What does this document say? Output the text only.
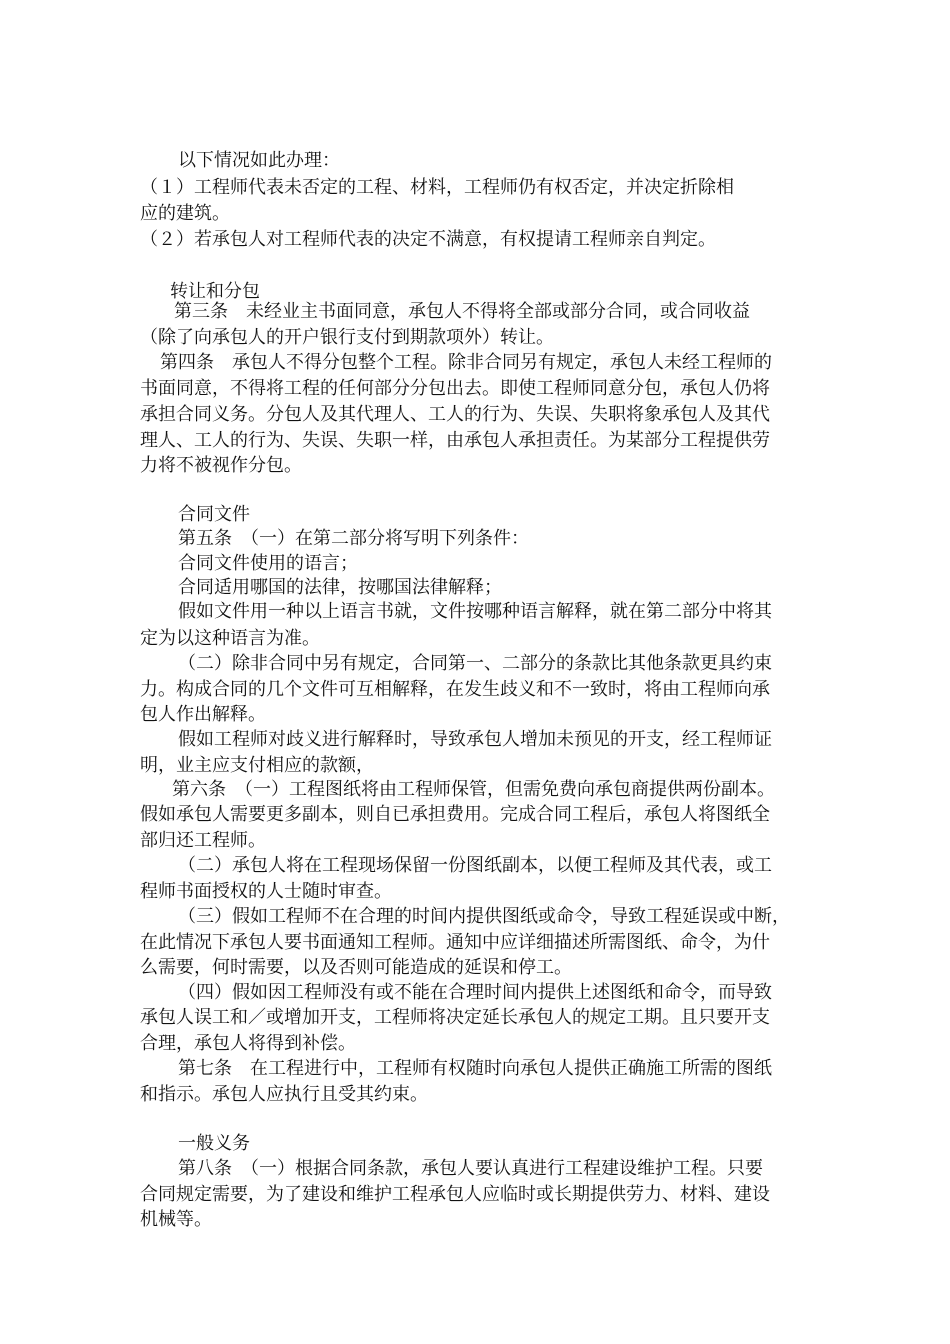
以下情况如此办理：
（１）工程师代表未否定的工程、材料，工程师仍有权否定，并决定折除相
应的建筑。
（２）若承包人对工程师代表的决定不满意，有权提请工程师亲自判定。
转让和分包
第三条　未经业主书面同意，承包人不得将全部或部分合同，或合同收益
（除了向承包人的开户银行支付到期款项外）转让。
第四条　承包人不得分包整个工程。除非合同另有规定，承包人未经工程师的
书面同意，不得将工程的任何部分分包出去。即使工程师同意分包，承包人仍将
承担合同义务。分包人及其代理人、工人的行为、失误、失职将象承包人及其代
理人、工人的行为、失误、失职一样，由承包人承担责任。为某部分工程提供劳
力将不被视作分包。
合同文件
第五条　（一）在第二部分将写明下列条件：
合同文件使用的语言；
合同适用哪国的法律，按哪国法律解释；
假如文件用一种以上语言书就，文件按哪种语言解释，就在第二部分中将其
定为以这种语言为准。
（二）除非合同中另有规定，合同第一、二部分的条款比其他条款更具约束
力。构成合同的几个文件可互相解释，在发生歧义和不一致时，将由工程师向承
包人作出解释。
假如工程师对歧义进行解释时，导致承包人增加未预见的开支，经工程师证
明，业主应支付相应的款额，
第六条　（一）工程图纸将由工程师保管，但需免费向承包商提供两份副本。
假如承包人需要更多副本，则自已承担费用。完成合同工程后，承包人将图纸全
部归还工程师。
（二）承包人将在工程现场保留一份图纸副本，以便工程师及其代表，或工
程师书面授权的人士随时审查。
（三）假如工程师不在合理的时间内提供图纸或命令，导致工程延误或中断，
在此情况下承包人要书面通知工程师。通知中应详细描述所需图纸、命令，为什
么需要，何时需要，以及否则可能造成的延误和停工。
（四）假如因工程师没有或不能在合理时间内提供上述图纸和命令，而导致
承包人误工和／或增加开支，工程师将决定延长承包人的规定工期。且只要开支
合理，承包人将得到补偿。
第七条　在工程进行中，工程师有权随时向承包人提供正确施工所需的图纸
和指示。承包人应执行且受其约束。
一般义务
第八条　（一）根据合同条款，承包人要认真进行工程建设维护工程。只要
合同规定需要，为了建设和维护工程承包人应临时或长期提供劳力、材料、建设
机械等。
